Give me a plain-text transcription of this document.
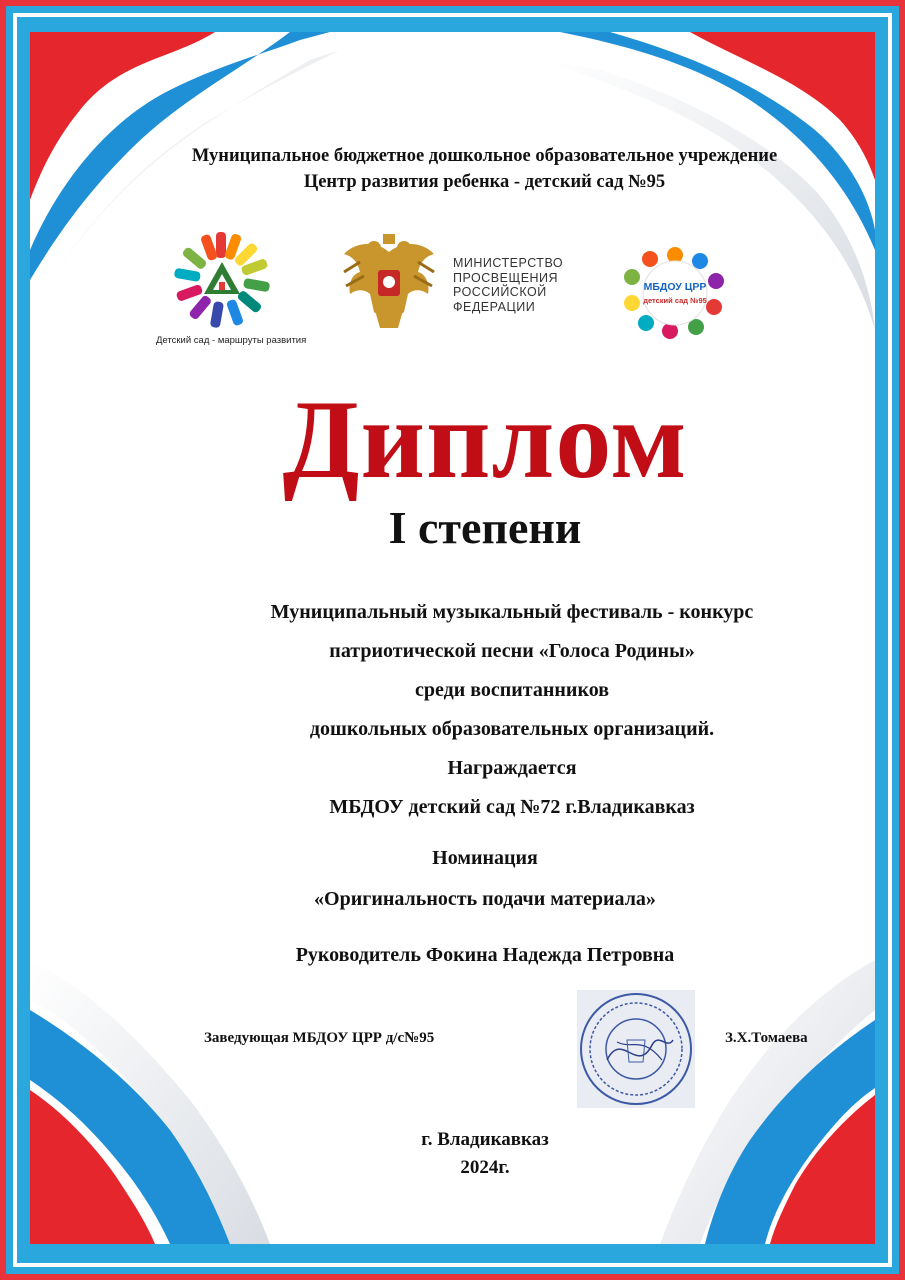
Муниципальное бюджетное дошкольное образовательное учреждение
Центр развития ребенка - детский сад №95
Детский сад - маршруты развития
МИНИСТЕРСТВО
ПРОСВЕЩЕНИЯ
РОССИЙСКОЙ
ФЕДЕРАЦИИ
МБДОУ ЦРР
детский сад №95
Диплом
I степени
Муниципальный музыкальный фестиваль - конкурс
патриотической песни «Голоса Родины»
среди воспитанников
дошкольных образовательных организаций.
Награждается
МБДОУ детский сад №72 г.Владикавказ
Номинация
«Оригинальность подачи материала»
Руководитель Фокина Надежда Петровна
Заведующая МБДОУ ЦРР д/с№95	З.Х.Томаева
г. Владикавказ
2024г.
